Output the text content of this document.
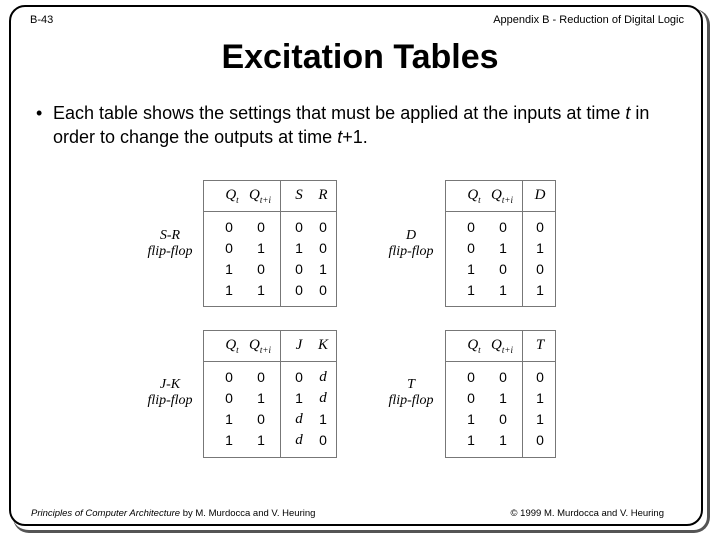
B-43	Appendix B - Reduction of Digital Logic
Excitation Tables
• Each table shows the settings that must be applied at the inputs at time t in order to change the outputs at time t+1.
S-R
flip-flop
$Q_t$ $Q_{t+i}$	S	R
0	0	0	0
0	1	1	0
1	0	0	1
1	1	0	0
D
flip-flop
$Q_t$ $Q_{t+i}$	D
0	0	0
0	1	1
1	0	0
1	1	1
J-K
flip-flop
$Q_t$ $Q_{t+i}$	J	K
0	0	0	d
0	1	1	d
1	0	d	1
1	1	d	0
T
flip-flop
$Q_t$ $Q_{t+i}$	T
0	0	0
0	1	1
1	0	1
1	1	0
Principles of Computer Architecture by M. Murdocca and V. Heuring	© 1999 M. Murdocca and V. Heuring
